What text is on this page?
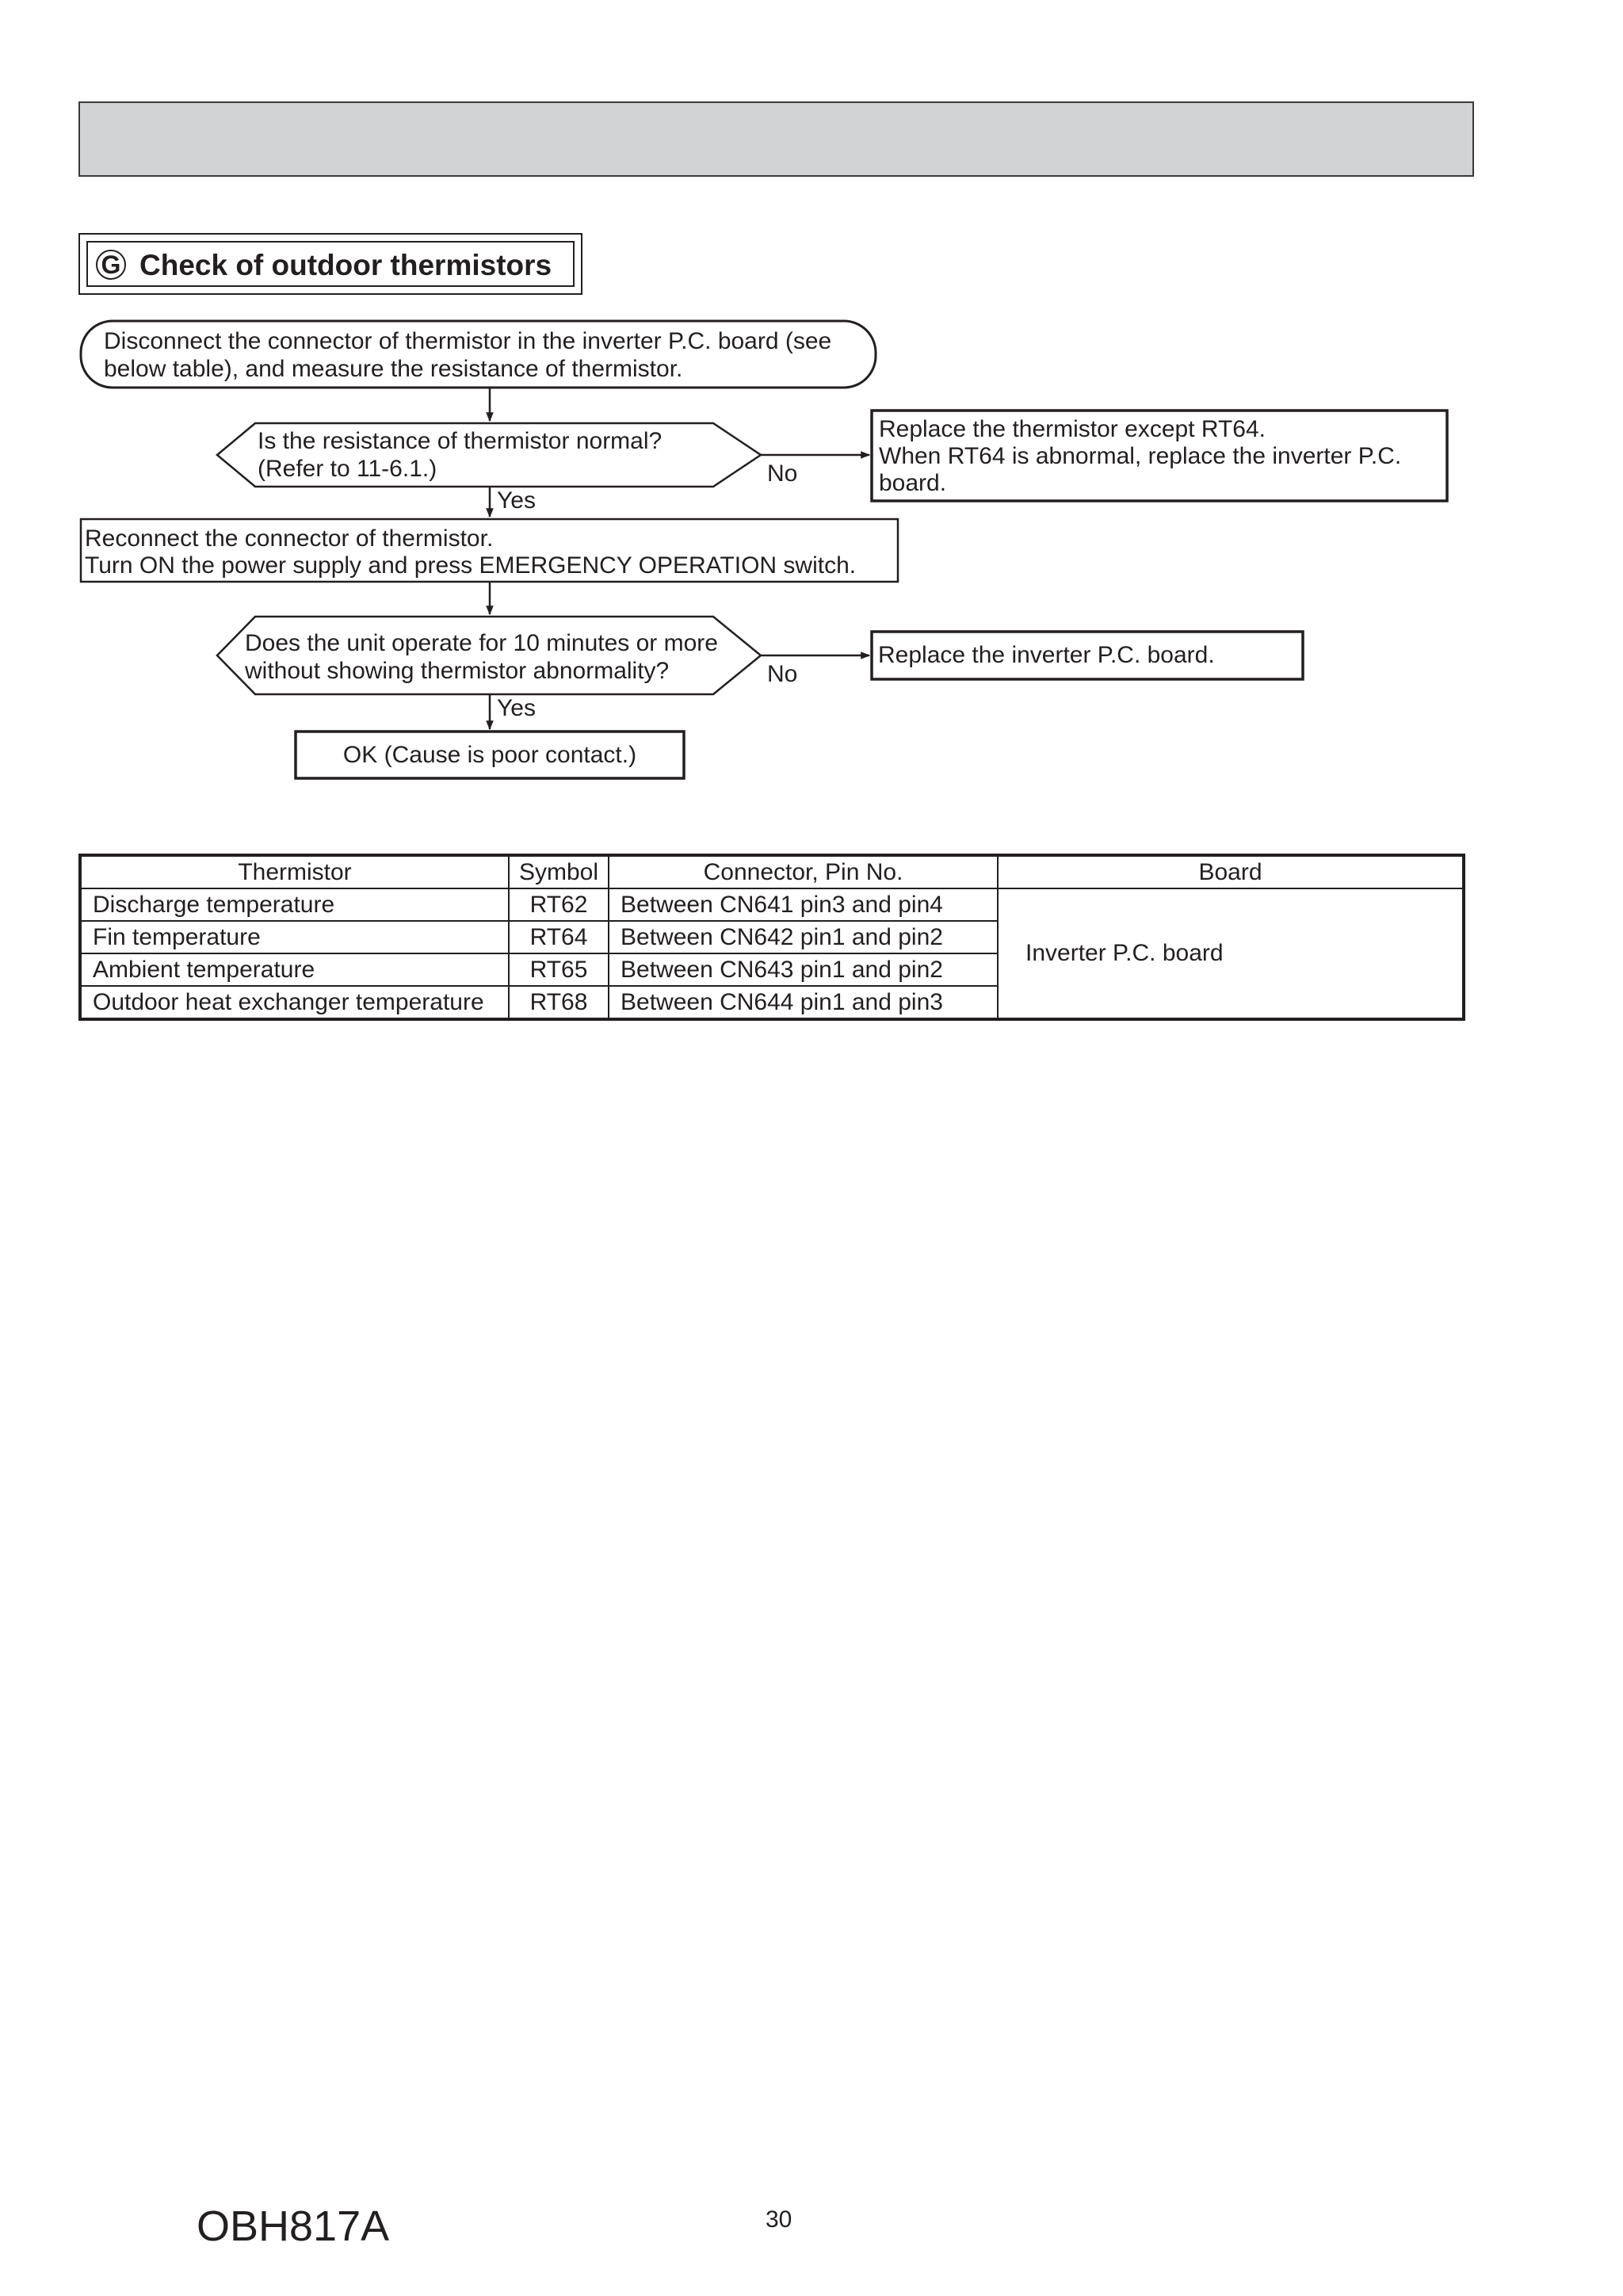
G Check of outdoor thermistors
Disconnect the connector of thermistor in the inverter P.C. board (see
below table), and measure the resistance of thermistor.
Is the resistance of thermistor normal?
(Refer to 11-6.1.)	No
Yes
Replace the thermistor except RT64.
When RT64 is abnormal, replace the inverter P.C.
board.
Reconnect the connector of thermistor.
Turn ON the power supply and press EMERGENCY OPERATION switch.
Does the unit operate for 10 minutes or more
without showing thermistor abnormality?	No
Yes
Replace the inverter P.C. board.
OK (Cause is poor contact.)
Thermistor	Symbol	Connector, Pin No.	Board
Discharge temperature	RT62	Between CN641 pin3 and pin4	Inverter P.C. board
Fin temperature	RT64	Between CN642 pin1 and pin2	
Ambient temperature	RT65	Between CN643 pin1 and pin2	
Outdoor heat exchanger temperature	RT68	Between CN644 pin1 and pin3	
OBH817A	30
